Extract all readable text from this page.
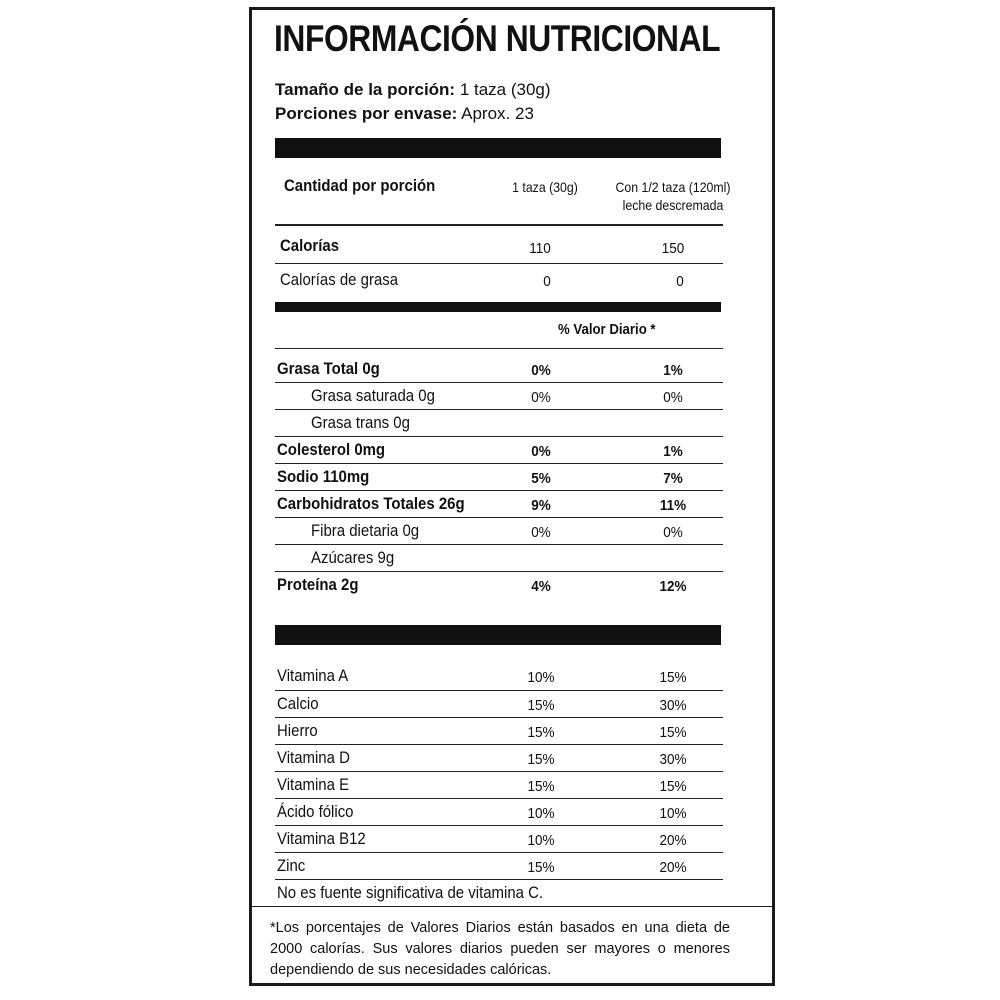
INFORMACIÓN NUTRICIONAL
Tamaño de la porción: 1 taza (30g)
Porciones por envase: Aprox. 23
Cantidad por porción	1 taza (30g)	Con 1/2 taza (120ml)
leche descremada
Calorías	110	150
Calorías de grasa	0	0
% Valor Diario *
Grasa Total 0g	0%	1%
Grasa saturada 0g	0%	0%
Grasa trans 0g
Colesterol 0mg	0%	1%
Sodio 110mg	5%	7%
Carbohidratos Totales 26g	9%	11%
Fibra dietaria 0g	0%	0%
Azúcares 9g
Proteína 2g	4%	12%
Vitamina A	10%	15%
Calcio	15%	30%
Hierro	15%	15%
Vitamina D	15%	30%
Vitamina E	15%	15%
Ácido fólico	10%	10%
Vitamina B12	10%	20%
Zinc	15%	20%
No es fuente significativa de vitamina C.
*Los porcentajes de Valores Diarios están basados en una dieta de 2000 calorías. Sus valores diarios pueden ser mayores o menores dependiendo de sus necesidades calóricas.
